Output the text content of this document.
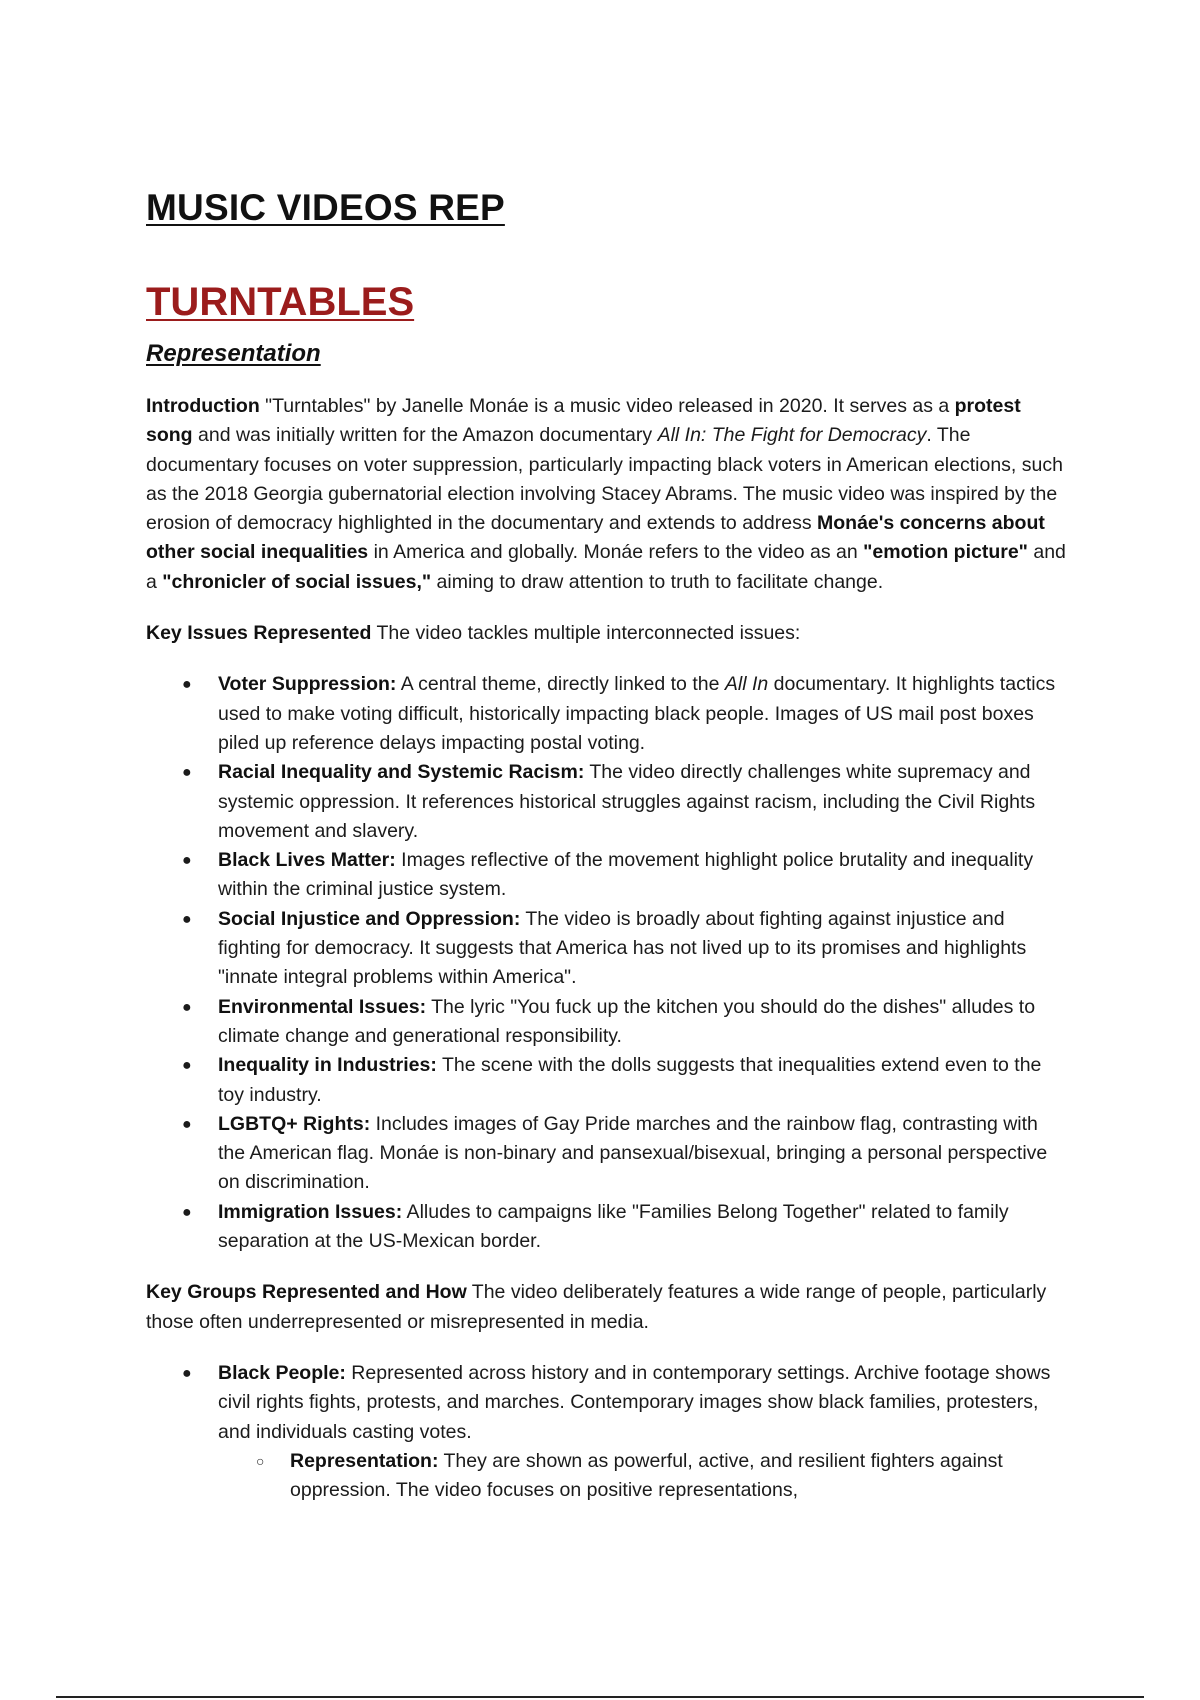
MUSIC VIDEOS REP
TURNTABLES
Representation

Introduction "Turntables" by Janelle Monáe is a music video released in 2020. It serves as a protest song and was initially written for the Amazon documentary All In: The Fight for Democracy. The documentary focuses on voter suppression, particularly impacting black voters in American elections, such as the 2018 Georgia gubernatorial election involving Stacey Abrams. The music video was inspired by the erosion of democracy highlighted in the documentary and extends to address Monáe's concerns about other social inequalities in America and globally. Monáe refers to the video as an "emotion picture" and a "chronicler of social issues," aiming to draw attention to truth to facilitate change.

Key Issues Represented The video tackles multiple interconnected issues:

● Voter Suppression: A central theme, directly linked to the All In documentary. It highlights tactics used to make voting difficult, historically impacting black people. Images of US mail post boxes piled up reference delays impacting postal voting.
● Racial Inequality and Systemic Racism: The video directly challenges white supremacy and systemic oppression. It references historical struggles against racism, including the Civil Rights movement and slavery.
● Black Lives Matter: Images reflective of the movement highlight police brutality and inequality within the criminal justice system.
● Social Injustice and Oppression: The video is broadly about fighting against injustice and fighting for democracy. It suggests that America has not lived up to its promises and highlights "innate integral problems within America".
● Environmental Issues: The lyric "You fuck up the kitchen you should do the dishes" alludes to climate change and generational responsibility.
● Inequality in Industries: The scene with the dolls suggests that inequalities extend even to the toy industry.
● LGBTQ+ Rights: Includes images of Gay Pride marches and the rainbow flag, contrasting with the American flag. Monáe is non-binary and pansexual/bisexual, bringing a personal perspective on discrimination.
● Immigration Issues: Alludes to campaigns like "Families Belong Together" related to family separation at the US-Mexican border.

Key Groups Represented and How The video deliberately features a wide range of people, particularly those often underrepresented or misrepresented in media.

● Black People: Represented across history and in contemporary settings. Archive footage shows civil rights fights, protests, and marches. Contemporary images show black families, protesters, and individuals casting votes.
○ Representation: They are shown as powerful, active, and resilient fighters against oppression. The video focuses on positive representations,
